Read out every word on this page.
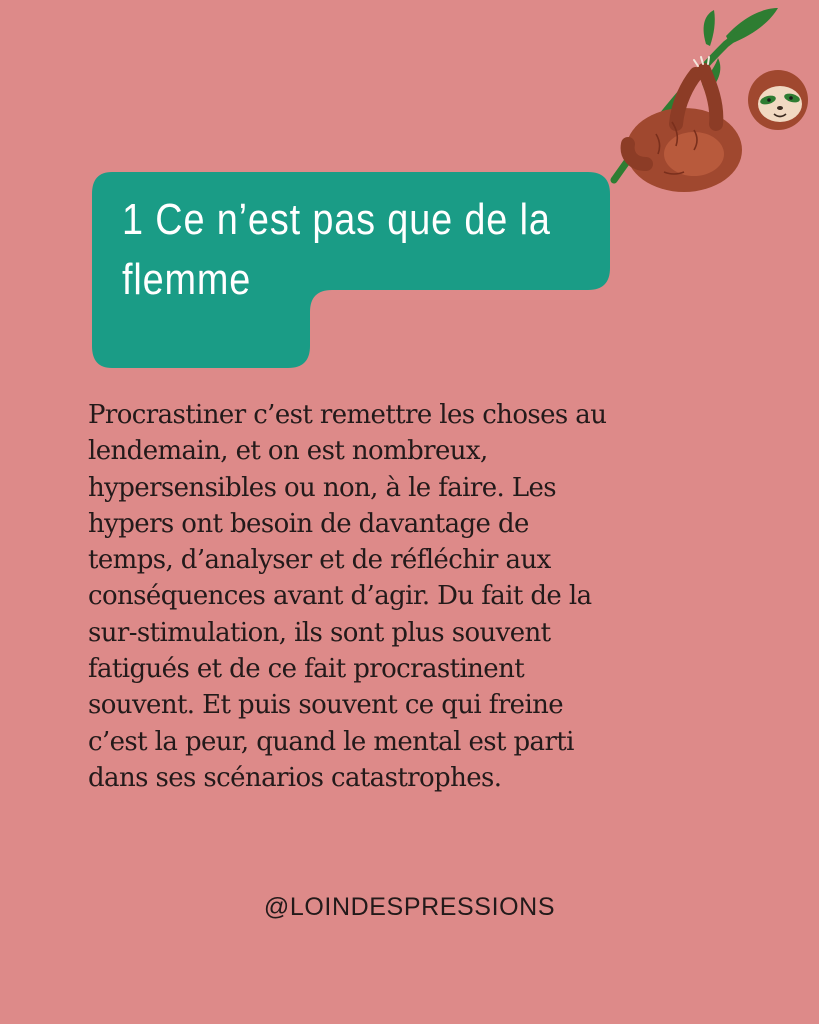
1 Ce n’est pas que de la
flemme

Procrastiner c’est remettre les choses au
lendemain, et on est nombreux,
hypersensibles ou non, à le faire. Les
hypers ont besoin de davantage de
temps, d’analyser et de réfléchir aux
conséquences avant d’agir. Du fait de la
sur-stimulation, ils sont plus souvent
fatigués et de ce fait procrastinent
souvent. Et puis souvent ce qui freine
c’est la peur, quand le mental est parti
dans ses scénarios catastrophes.

@LOINDESPRESSIONS
